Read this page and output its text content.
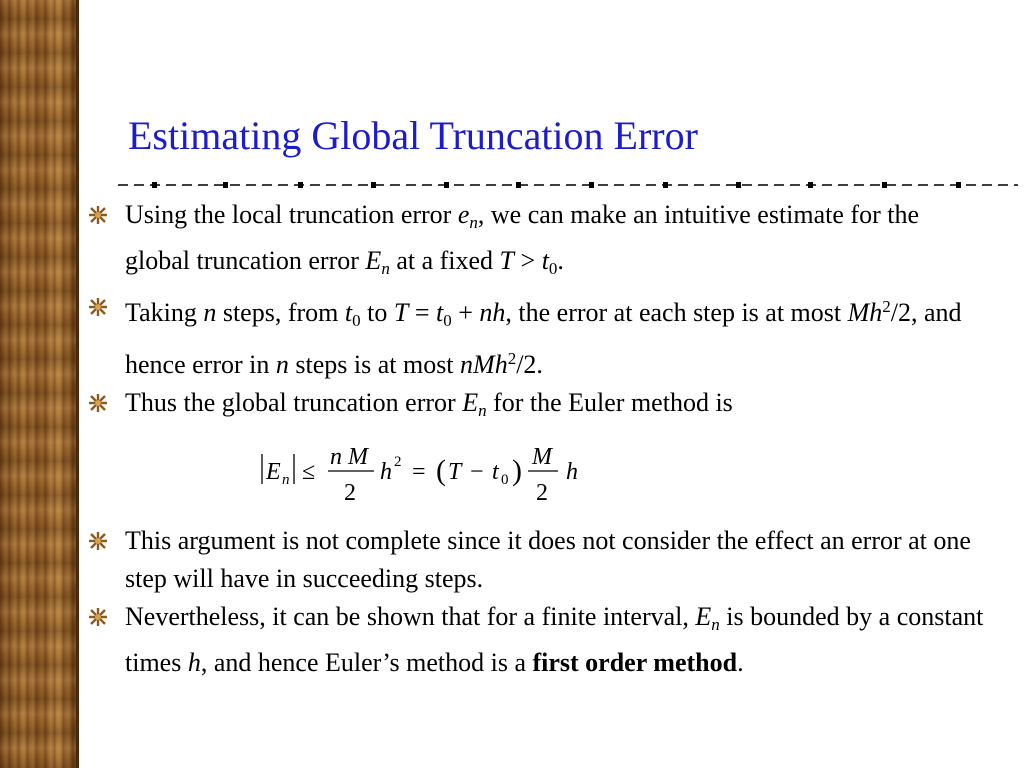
Estimating Global Truncation Error
Using the local truncation error $e_n$, we can make an intuitive estimate for the global truncation error $E_n$ at a fixed $T > t_0$.
Taking n steps, from $t_0$ to $T = t_0$ + nh, the error at each step is at most Mh$^2$/2, and hence error in n steps is at most nMh$^2$/2.
Thus the global truncation error $E_n$ for the Euler method is
E n ≤
n M
2
h 2 = ( T − t 0 ) M
2
h
This argument is not complete since it does not consider the effect an error at one step will have in succeeding steps.
Nevertheless, it can be shown that for a finite interval, $E_n$ is bounded by a constant times h, and hence Euler’s method is a first order method.
